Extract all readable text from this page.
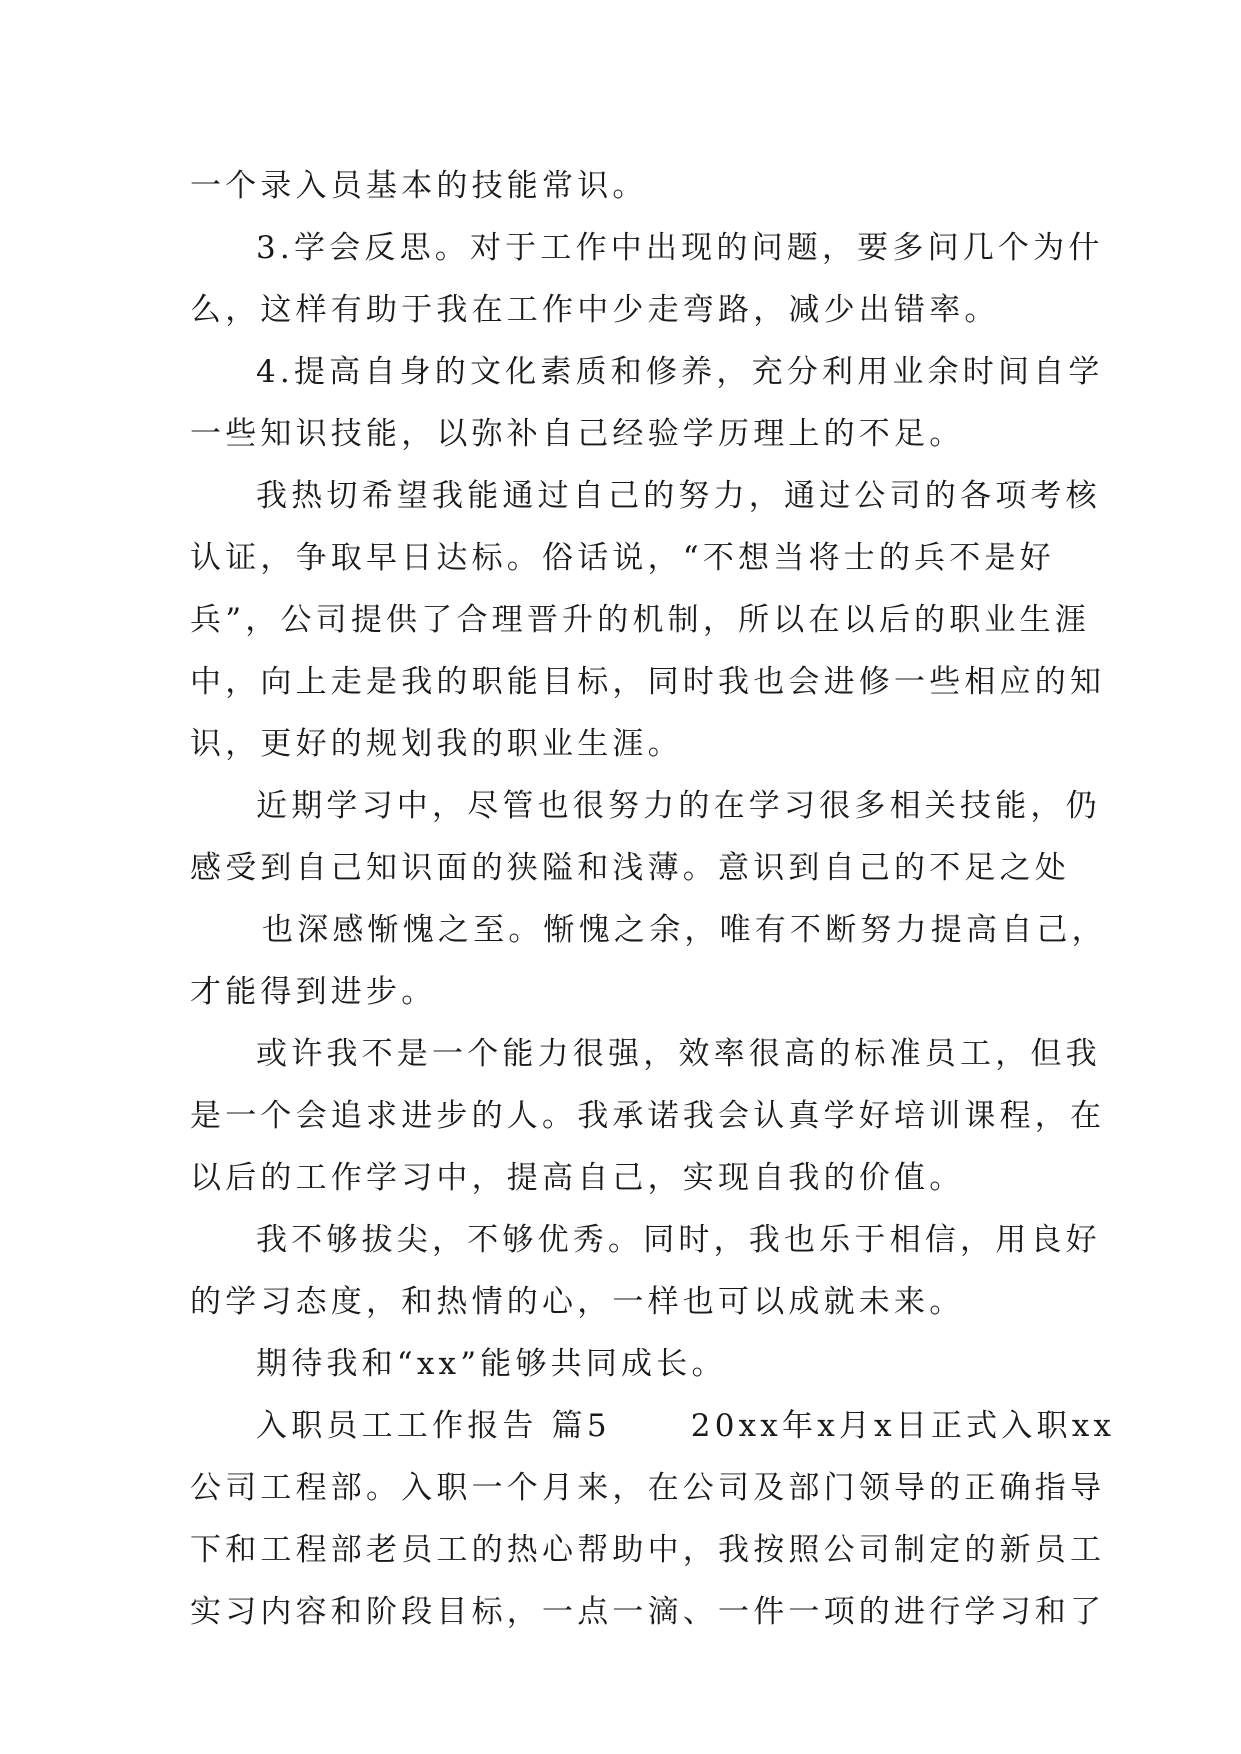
一个录入员基本的技能常识。
3.学会反思。对于工作中出现的问题，要多问几个为什
么，这样有助于我在工作中少走弯路，减少出错率。
4.提高自身的文化素质和修养，充分利用业余时间自学
一些知识技能，以弥补自己经验学历理上的不足。
我热切希望我能通过自己的努力，通过公司的各项考核
认证，争取早日达标。俗话说，“不想当将士的兵不是好
兵”，公司提供了合理晋升的机制，所以在以后的职业生涯
中，向上走是我的职能目标，同时我也会进修一些相应的知
识，更好的规划我的职业生涯。
近期学习中，尽管也很努力的在学习很多相关技能，仍
感受到自己知识面的狭隘和浅薄。意识到自己的不足之处
也深感惭愧之至。惭愧之余，唯有不断努力提高自己，
才能得到进步。
或许我不是一个能力很强，效率很高的标准员工，但我
是一个会追求进步的人。我承诺我会认真学好培训课程，在
以后的工作学习中，提高自己，实现自我的价值。
我不够拔尖，不够优秀。同时，我也乐于相信，用良好
的学习态度，和热情的心，一样也可以成就未来。
期待我和“xx”能够共同成长。
入职员工工作报告 篇5	20xx年x月x日正式入职xx
公司工程部。入职一个月来，在公司及部门领导的正确指导
下和工程部老员工的热心帮助中，我按照公司制定的新员工
实习内容和阶段目标，一点一滴、一件一项的进行学习和了
